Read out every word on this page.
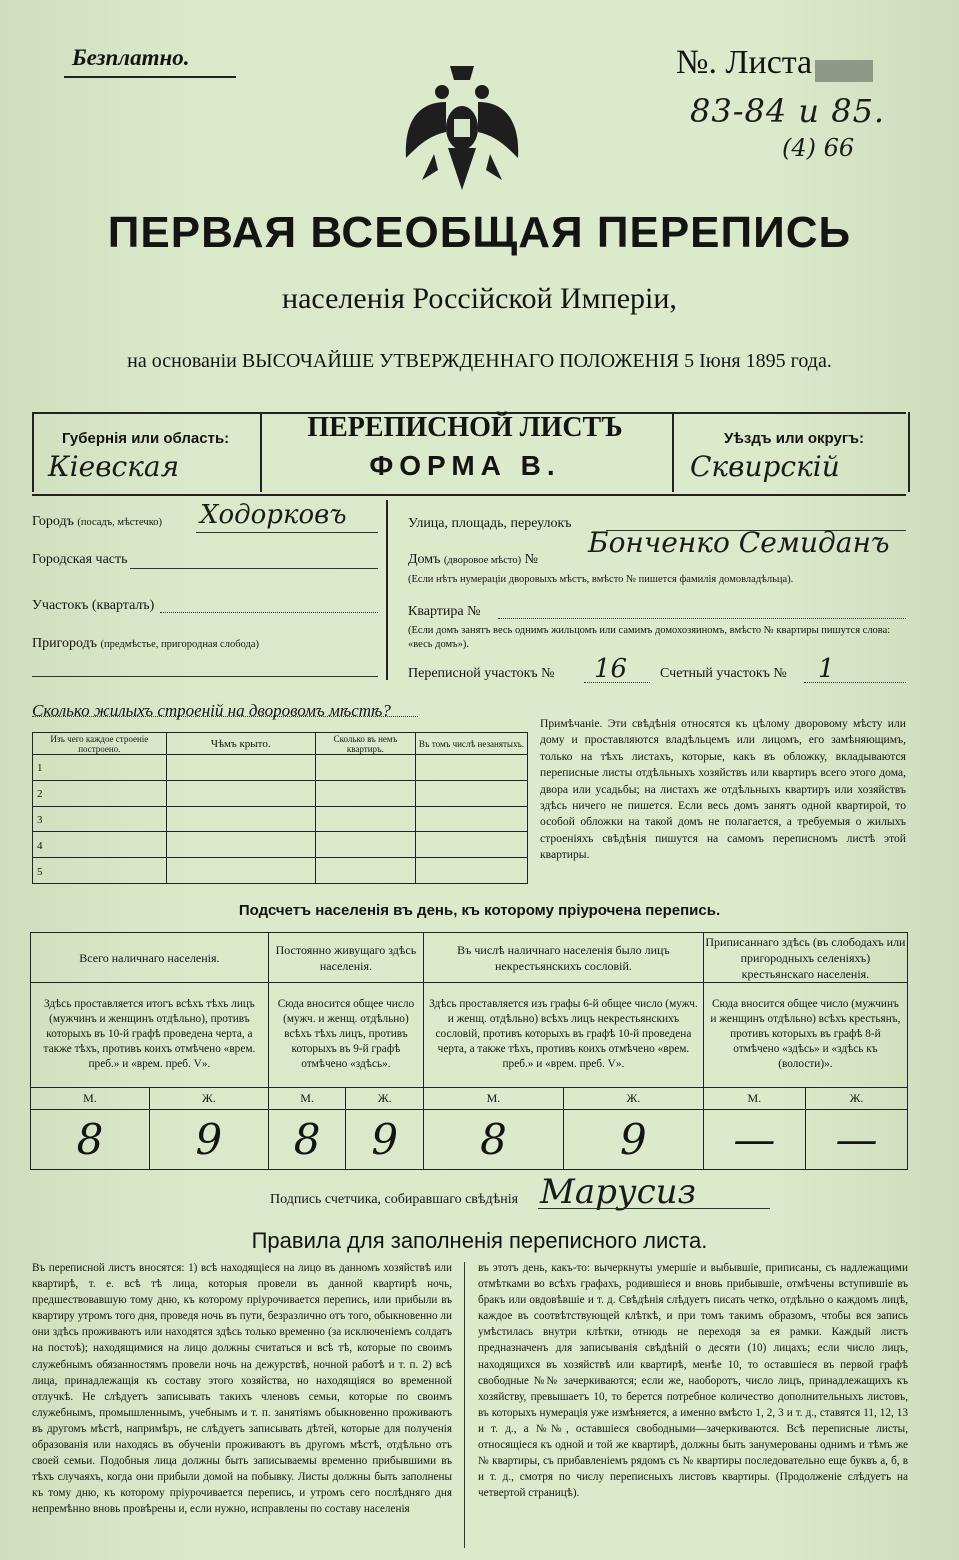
Безплатно.	№. Листа
83-84 и 85.
(4) 66
ПЕРВАЯ ВСЕОБЩАЯ ПЕРЕПИСЬ
населенія Россійской Имперіи,
на основаніи ВЫСОЧАЙШЕ УТВЕРЖДЕННАГО ПОЛОЖЕНІЯ 5 Іюня 1895 года.
Губернія или область:
Кіевская
ПЕРЕПИСНОЙ ЛИСТЪ
ФОРМА В.
Уѣздъ или округъ:
Сквирскій
Городъ (посадъ, мѣстечко) Ходорковъ
Городская часть
Участокъ (кварталъ)
Пригородъ (предмѣстье, пригородная слобода)
Улица, площадь, переулокъ
Домъ (дворовое мѣсто) №
Бонченко Семиданъ
(Если нѣтъ нумераціи дворовыхъ мѣстъ, вмѣсто № пишется фамилія домовладѣльца).
Квартира №
(Если домъ занятъ весь однимъ жильцомъ или самимъ домохозяиномъ, вмѣсто № квартиры пишутся слова: «весь домъ»).
Переписной участокъ № 16 Счетный участокъ № 1
Сколько жилыхъ строеній на дворовомъ мѣстѣ?
Изъ чего каждое строеніе построено.	Чѣмъ крыто.	Сколько въ немъ квартиръ.	Въ томъ числѣ незанятыхъ.

1			
2			
3			
4			
5			
Примѣчаніе. Эти свѣдѣнія относятся къ цѣлому дворовому мѣсту или дому и проставляются владѣльцемъ или лицомъ, его замѣняющимъ, только на тѣхъ листахъ, которые, какъ въ обложку, вкладываются переписные листы отдѣльныхъ хозяйствъ или квартиръ всего этого дома, двора или усадьбы; на листахъ же отдѣльныхъ квартиръ или хозяйствъ здѣсь ничего не пишется. Если весь домъ занятъ одной квартирой, то особой обложки на такой домъ не полагается, а требуемыя о жилыхъ строеніяхъ свѣдѣнія пишутся на самомъ переписномъ листѣ этой квартиры.
Подсчетъ населенія въ день, къ которому пріурочена перепись.
Всего наличнаго населенія.		Постоянно живущаго здѣсь населенія.		Въ числѣ наличнаго населенія было лицъ некрестьянскихъ сословій.		Приписаннаго здѣсь (въ слободахъ или пригородныхъ селеніяхъ) крестьянскаго населенія.	

Здѣсь проставляется итогъ всѣхъ тѣхъ лицъ (мужчинъ и женщинъ отдѣльно), противъ которыхъ въ 10-й графѣ проведена черта, а также тѣхъ, противъ коихъ отмѣчено «врем. преб.» и «врем. преб. V».		Сюда вносится общее число (мужч. и женщ. отдѣльно) всѣхъ тѣхъ лицъ, противъ которыхъ въ 9-й графѣ отмѣчено «здѣсь».		Здѣсь проставляется изъ графы 6-й общее число (мужч. и женщ. отдѣльно) всѣхъ лицъ некрестьянскихъ сословій, противъ которыхъ въ графѣ 10-й проведена черта, а также тѣхъ, противъ коихъ отмѣчено «врем. преб.» и «врем. преб. V».		Сюда вносится общее число (мужчинъ и женщинъ отдѣльно) всѣхъ крестьянъ, противъ которыхъ въ графѣ 8-й отмѣчено «здѣсь» и «здѣсь къ (волости)».	

М.	Ж.	М.	Ж.	М.	Ж.	М.	Ж.

8	9	8	9	8	9	—	—
Подпись счетчика, собиравшаго свѣдѣнія Марусиз
Правила для заполненія переписного листа.
Въ переписной листъ вносятся: 1) всѣ находящіеся на лицо въ данномъ хозяйствѣ или квартирѣ, т. е. всѣ тѣ лица, которыя провели въ данной квартирѣ ночь, предшествовавшую тому дню, къ которому пріурочивается перепись, или прибыли въ квартиру утромъ того дня, проведя ночь въ пути, безразлично отъ того, обыкновенно ли они здѣсь проживаютъ или находятся здѣсь только временно (за исключеніемъ солдатъ на постоѣ); находящимися на лицо должны считаться и всѣ тѣ, которые по своимъ служебнымъ обязанностямъ провели ночь на дежурствѣ, ночной работѣ и т. п. 2) всѣ лица, принадлежащія къ составу этого хозяйства, но находящіяся во временной отлучкѣ. Не слѣдуетъ записывать такихъ членовъ семьи, которые по своимъ служебнымъ, промышленнымъ, учебнымъ и т. п. занятіямъ обыкновенно проживаютъ въ другомъ мѣстѣ, напримѣръ, не слѣдуетъ записывать дѣтей, которые для полученія образованія или находясь въ обученіи проживаютъ въ другомъ мѣстѣ, отдѣльно отъ своей семьи. Подобныя лица должны быть записываемы временно прибывшими въ тѣхъ случаяхъ, когда они прибыли домой на побывку. Листы должны быть заполнены къ тому дню, къ которому пріурочивается перепись, и утромъ сего послѣдняго дня непремѣнно вновь провѣрены и, если нужно, исправлены по составу населенія
въ этотъ день, какъ-то: вычеркнуты умершіе и выбывшіе, приписаны, съ надлежащими отмѣтками во всѣхъ графахъ, родившіеся и вновь прибывшіе, отмѣчены вступившіе въ бракъ или овдовѣвшіе и т. д. Свѣдѣнія слѣдуетъ писать четко, отдѣльно о каждомъ лицѣ, каждое въ соотвѣтствующей клѣткѣ, и при томъ такимъ образомъ, чтобы вся запись умѣстилась внутри клѣтки, отнюдь не переходя за ея рамки. Каждый листъ предназначенъ для записыванія свѣдѣній о десяти (10) лицахъ; если число лицъ, находящихся въ хозяйствѣ или квартирѣ, менѣе 10, то оставшіеся въ первой графѣ свободные №№ зачеркиваются; если же, наоборотъ, число лицъ, принадлежащихъ къ хозяйству, превышаетъ 10, то берется потребное количество дополнительныхъ листовъ, въ которыхъ нумерація уже измѣняется, а именно вмѣсто 1, 2, 3 и т. д., ставятся 11, 12, 13 и т. д., а №№, оставшіеся свободными—зачеркиваются. Всѣ переписные листы, относящіеся къ одной и той же квартирѣ, должны быть занумерованы однимъ и тѣмъ же № квартиры, съ прибавленіемъ рядомъ съ № квартиры последовательно еще буквъ а, б, в и т. д., смотря по числу переписныхъ листовъ квартиры. (Продолженіе слѣдуетъ на четвертой страницѣ).
